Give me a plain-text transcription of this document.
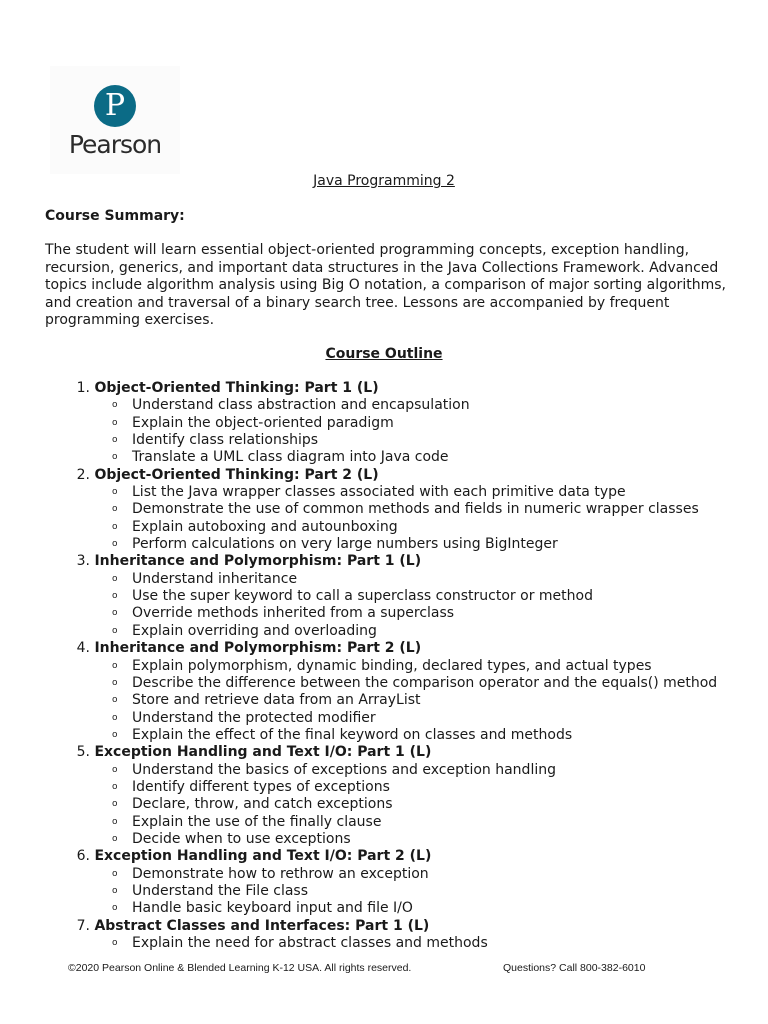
P
Pearson
Java Programming 2
Course Summary:
The student will learn essential object-oriented programming concepts, exception handling, recursion, generics, and important data structures in the Java Collections Framework. Advanced topics include algorithm analysis using Big O notation, a comparison of major sorting algorithms, and creation and traversal of a binary search tree. Lessons are accompanied by frequent programming exercises.
Course Outline
1. Object-Oriented Thinking: Part 1 (L)
o Understand class abstraction and encapsulation
o Explain the object-oriented paradigm
o Identify class relationships
o Translate a UML class diagram into Java code
2. Object-Oriented Thinking: Part 2 (L)
o List the Java wrapper classes associated with each primitive data type
o Demonstrate the use of common methods and fields in numeric wrapper classes
o Explain autoboxing and autounboxing
o Perform calculations on very large numbers using BigInteger
3. Inheritance and Polymorphism: Part 1 (L)
o Understand inheritance
o Use the super keyword to call a superclass constructor or method
o Override methods inherited from a superclass
o Explain overriding and overloading
4. Inheritance and Polymorphism: Part 2 (L)
o Explain polymorphism, dynamic binding, declared types, and actual types
o Describe the difference between the comparison operator and the equals() method
o Store and retrieve data from an ArrayList
o Understand the protected modifier
o Explain the effect of the final keyword on classes and methods
5. Exception Handling and Text I/O: Part 1 (L)
o Understand the basics of exceptions and exception handling
o Identify different types of exceptions
o Declare, throw, and catch exceptions
o Explain the use of the finally clause
o Decide when to use exceptions
6. Exception Handling and Text I/O: Part 2 (L)
o Demonstrate how to rethrow an exception
o Understand the File class
o Handle basic keyboard input and file I/O
7. Abstract Classes and Interfaces: Part 1 (L)
o Explain the need for abstract classes and methods
©2020 Pearson Online & Blended Learning K-12 USA. All rights reserved.	Questions? Call 800-382-6010
